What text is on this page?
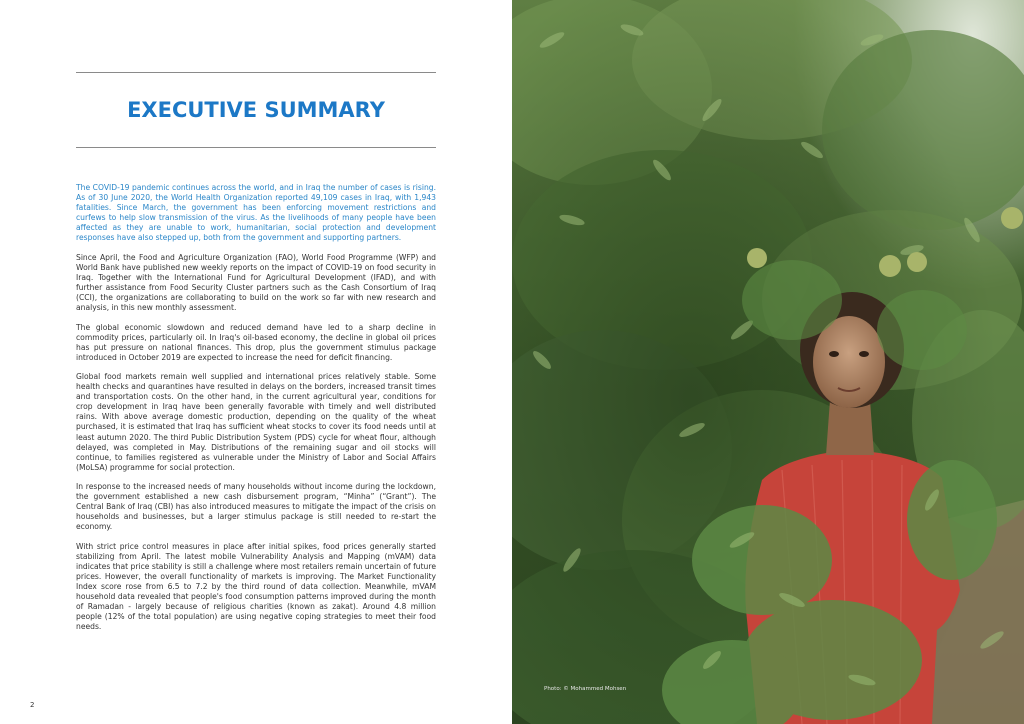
EXECUTIVE SUMMARY

The COVID-19 pandemic continues across the world, and in Iraq the number of cases is rising. As of 30 June 2020, the World Health Organization reported 49,109 cases in Iraq, with 1,943 fatalities. Since March, the government has been enforcing movement restrictions and curfews to help slow transmission of the virus. As the livelihoods of many people have been affected as they are unable to work, humanitarian, social protection and development responses have also stepped up, both from the government and supporting partners.

Since April, the Food and Agriculture Organization (FAO), World Food Programme (WFP) and World Bank have published new weekly reports on the impact of COVID-19 on food security in Iraq. Together with the International Fund for Agricultural Development (IFAD), and with further assistance from Food Security Cluster partners such as the Cash Consortium of Iraq (CCI), the organizations are collaborating to build on the work so far with new research and analysis, in this new monthly assessment.

The global economic slowdown and reduced demand have led to a sharp decline in commodity prices, particularly oil. In Iraq's oil-based economy, the decline in global oil prices has put pressure on national finances. This drop, plus the government stimulus package introduced in October 2019 are expected to increase the need for deficit financing.

Global food markets remain well supplied and international prices relatively stable. Some health checks and quarantines have resulted in delays on the borders, increased transit times and transportation costs. On the other hand, in the current agricultural year, conditions for crop development in Iraq have been generally favorable with timely and well distributed rains. With above average domestic production, depending on the quality of the wheat purchased, it is estimated that Iraq has sufficient wheat stocks to cover its food needs until at least autumn 2020. The third Public Distribution System (PDS) cycle for wheat flour, although delayed, was completed in May. Distributions of the remaining sugar and oil stocks will continue, to families registered as vulnerable under the Ministry of Labor and Social Affairs (MoLSA) programme for social protection.

In response to the increased needs of many households without income during the lockdown, the government established a new cash disbursement program, “Minha” (“Grant”). The Central Bank of Iraq (CBI) has also introduced measures to mitigate the impact of the crisis on households and businesses, but a larger stimulus package is still needed to re-start the economy.

With strict price control measures in place after initial spikes, food prices generally started stabilizing from April. The latest mobile Vulnerability Analysis and Mapping (mVAM) data indicates that price stability is still a challenge where most retailers remain uncertain of future prices. However, the overall functionality of markets is improving. The Market Functionality Index score rose from 6.5 to 7.2 by the third round of data collection. Meanwhile, mVAM household data revealed that people's food consumption patterns improved during the month of Ramadan - largely because of religious charities (known as zakat). Around 4.8 million people (12% of the total population) are using negative coping strategies to meet their food needs.

2
Photo: © Mohammed Mohsen
